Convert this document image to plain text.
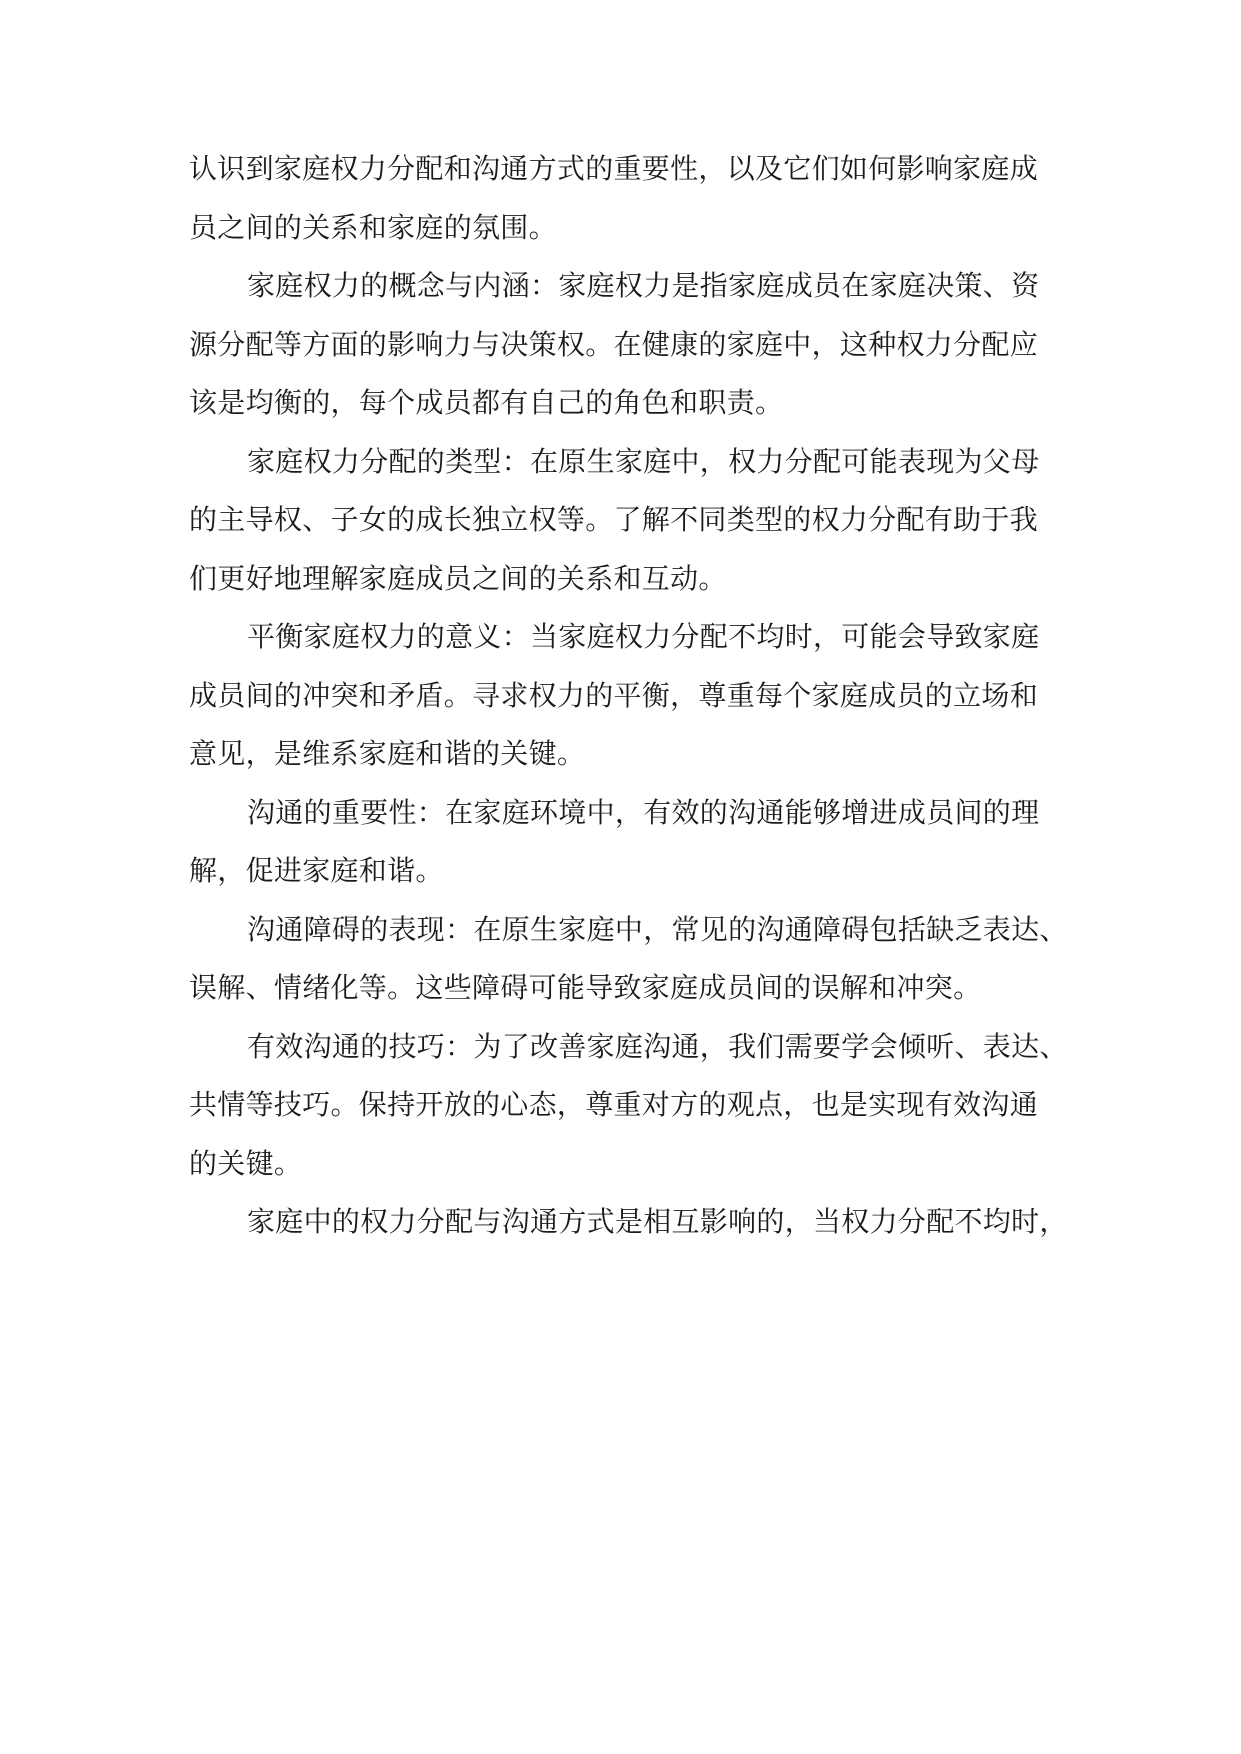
认识到家庭权力分配和沟通方式的重要性，以及它们如何影响家庭成
员之间的关系和家庭的氛围。
家庭权力的概念与内涵：家庭权力是指家庭成员在家庭决策、资
源分配等方面的影响力与决策权。在健康的家庭中，这种权力分配应
该是均衡的，每个成员都有自己的角色和职责。
家庭权力分配的类型：在原生家庭中，权力分配可能表现为父母
的主导权、子女的成长独立权等。了解不同类型的权力分配有助于我
们更好地理解家庭成员之间的关系和互动。
平衡家庭权力的意义：当家庭权力分配不均时，可能会导致家庭
成员间的冲突和矛盾。寻求权力的平衡，尊重每个家庭成员的立场和
意见，是维系家庭和谐的关键。
沟通的重要性：在家庭环境中，有效的沟通能够增进成员间的理
解，促进家庭和谐。
沟通障碍的表现：在原生家庭中，常见的沟通障碍包括缺乏表达、
误解、情绪化等。这些障碍可能导致家庭成员间的误解和冲突。
有效沟通的技巧：为了改善家庭沟通，我们需要学会倾听、表达、
共情等技巧。保持开放的心态，尊重对方的观点，也是实现有效沟通
的关键。
家庭中的权力分配与沟通方式是相互影响的，当权力分配不均时，
